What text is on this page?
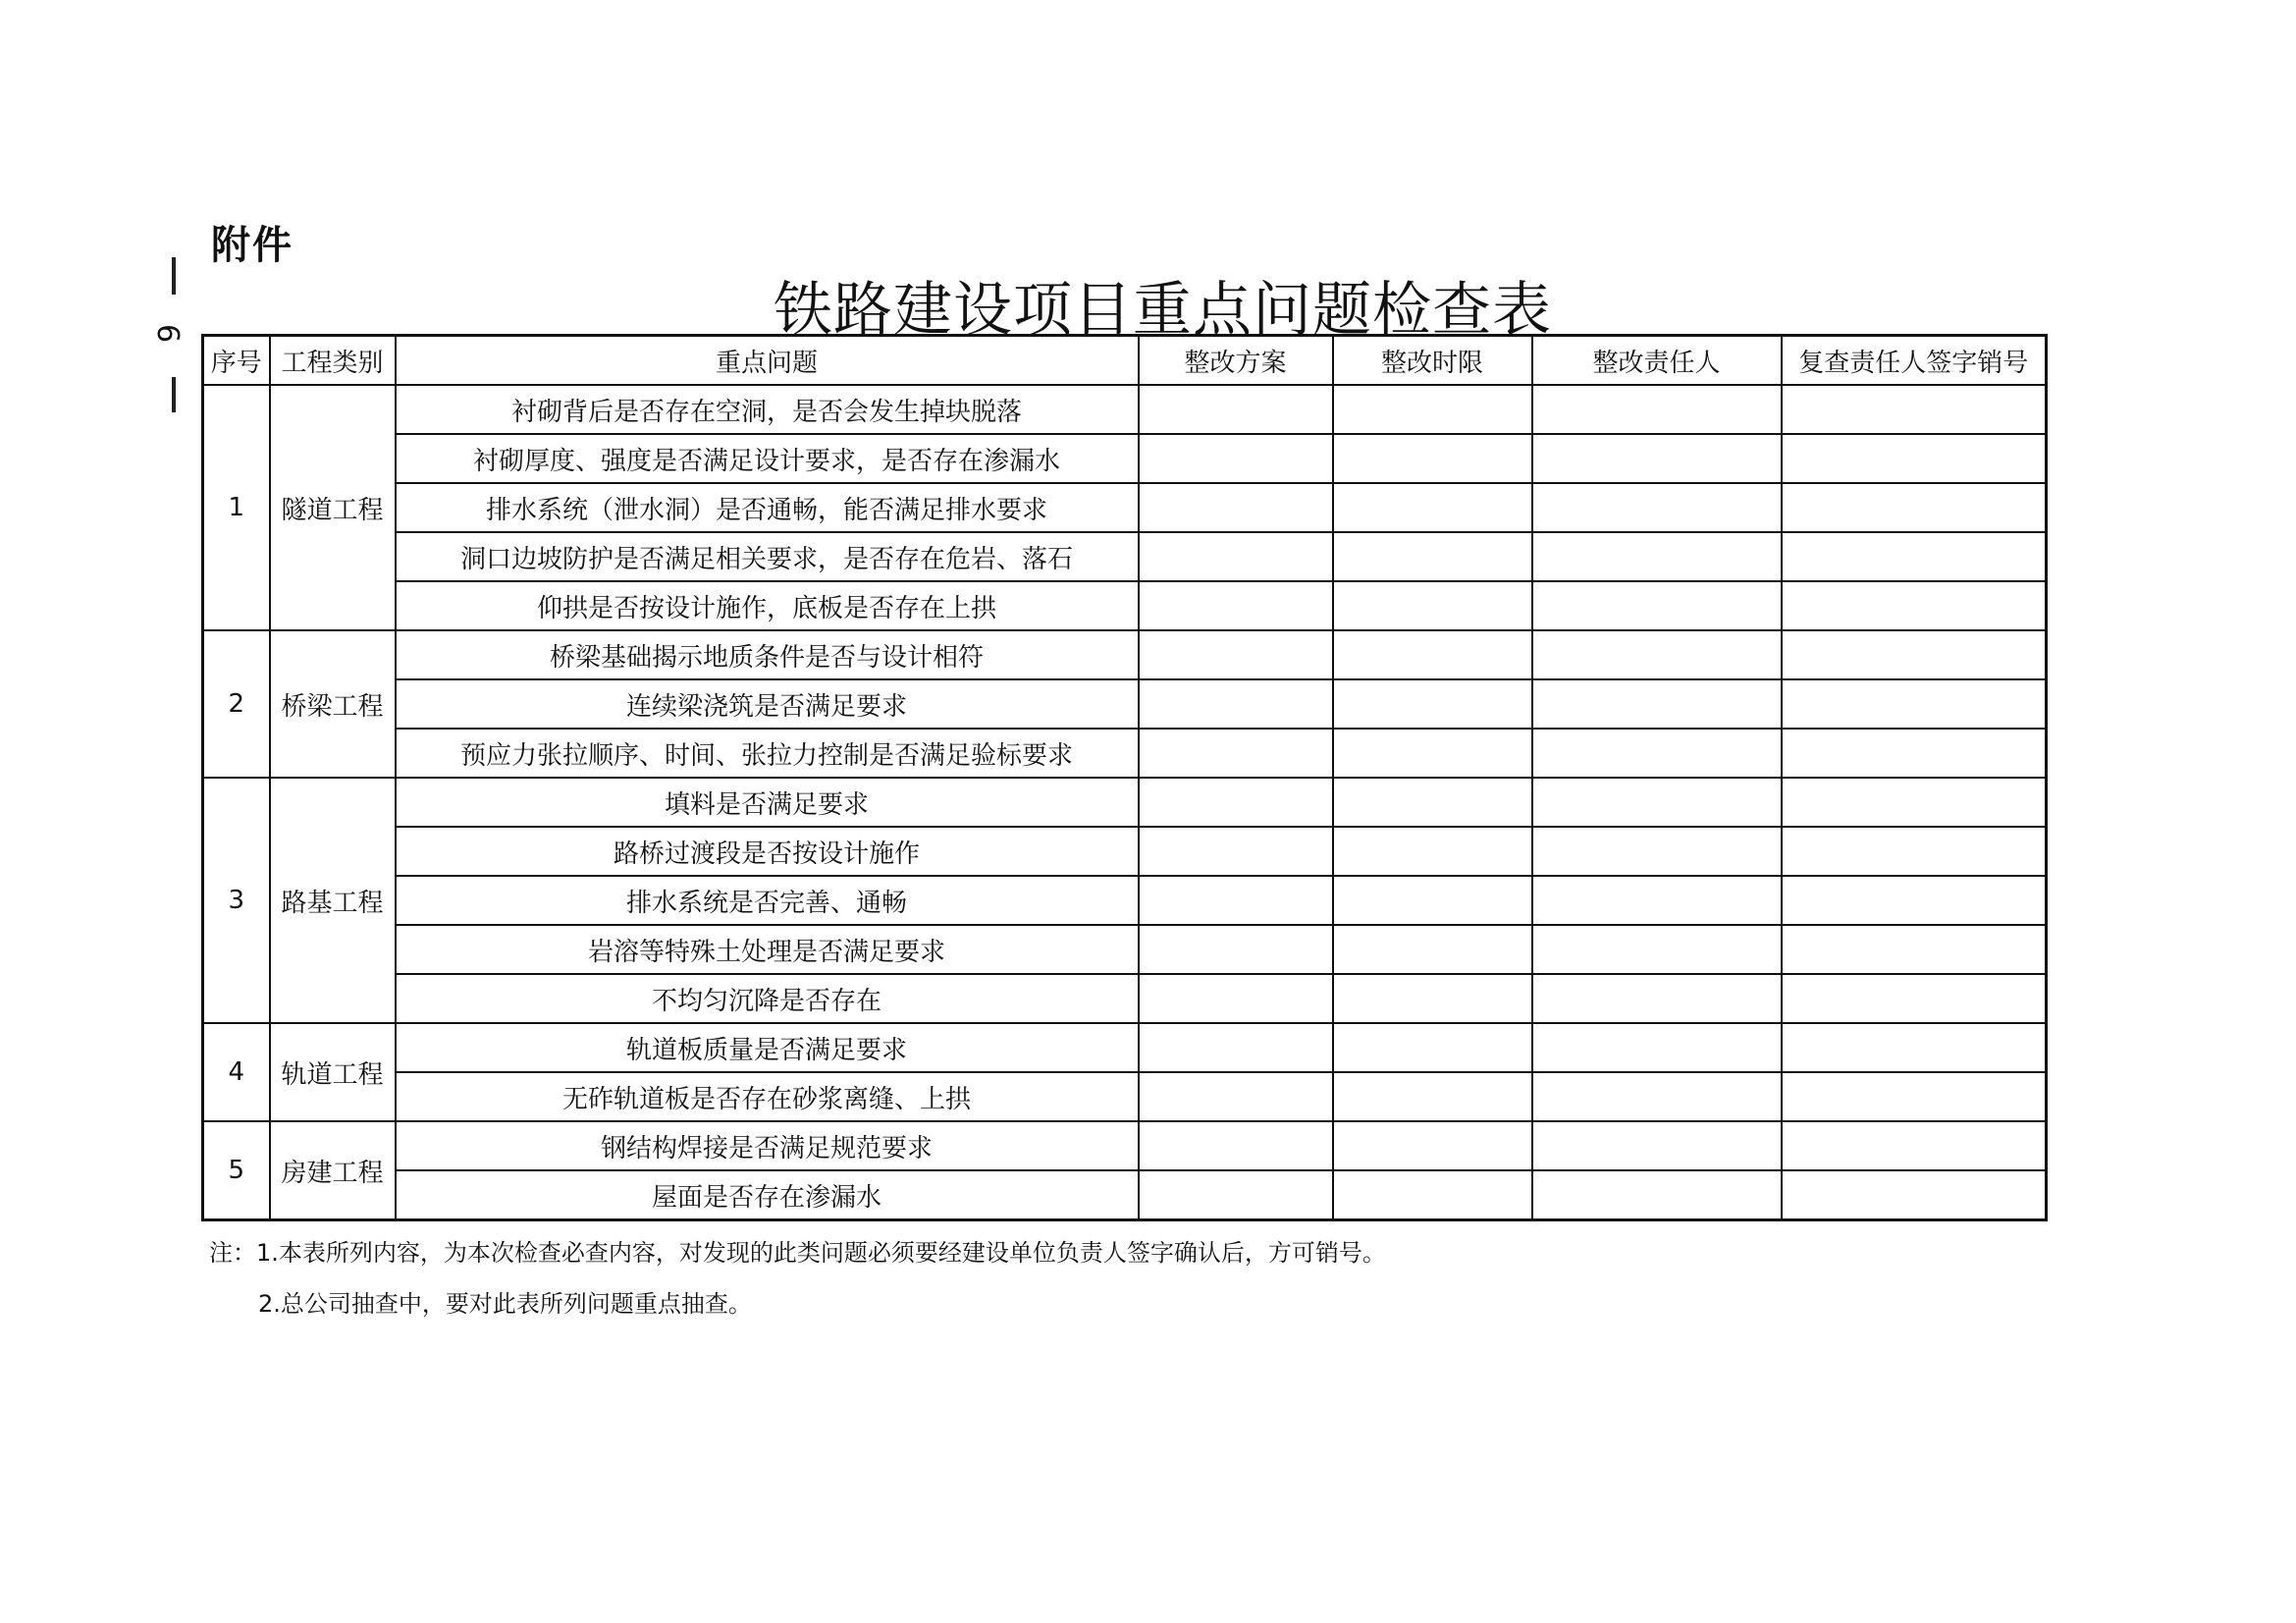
附件
6	铁路建设项目重点问题检查表
序号	工程类别	重点问题	整改方案	整改时限	整改责任人	复查责任人签字销号
1	隧道工程	衬砌背后是否存在空洞，是否会发生掉块脱落				
		衬砌厚度、强度是否满足设计要求，是否存在渗漏水				
		排水系统（泄水洞）是否通畅，能否满足排水要求				
		洞口边坡防护是否满足相关要求，是否存在危岩、落石				
		仰拱是否按设计施作，底板是否存在上拱				
2	桥梁工程	桥梁基础揭示地质条件是否与设计相符				
		连续梁浇筑是否满足要求				
		预应力张拉顺序、时间、张拉力控制是否满足验标要求				
3	路基工程	填料是否满足要求				
		路桥过渡段是否按设计施作				
		排水系统是否完善、通畅				
		岩溶等特殊土处理是否满足要求				
		不均匀沉降是否存在				
4	轨道工程	轨道板质量是否满足要求				
		无砟轨道板是否存在砂浆离缝、上拱				
5	房建工程	钢结构焊接是否满足规范要求				
		屋面是否存在渗漏水				
注：1.本表所列内容，为本次检查必查内容，对发现的此类问题必须要经建设单位负责人签字确认后，方可销号。
2.总公司抽查中，要对此表所列问题重点抽查。
